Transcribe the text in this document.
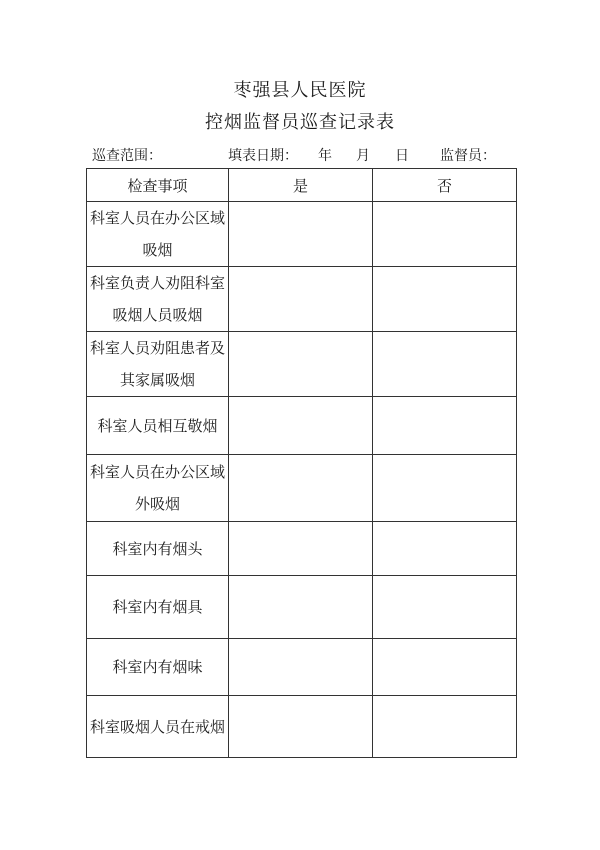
枣强县人民医院
控烟监督员巡查记录表
巡查范围：	填表日期： 年 月 日 监督员：
检查事项	是	否
科室人员在办公区域吸烟		
科室负责人劝阻科室吸烟人员吸烟		
科室人员劝阻患者及其家属吸烟		
科室人员相互敬烟		
科室人员在办公区域外吸烟		
科室内有烟头		
科室内有烟具		
科室内有烟味		
科室吸烟人员在戒烟		
